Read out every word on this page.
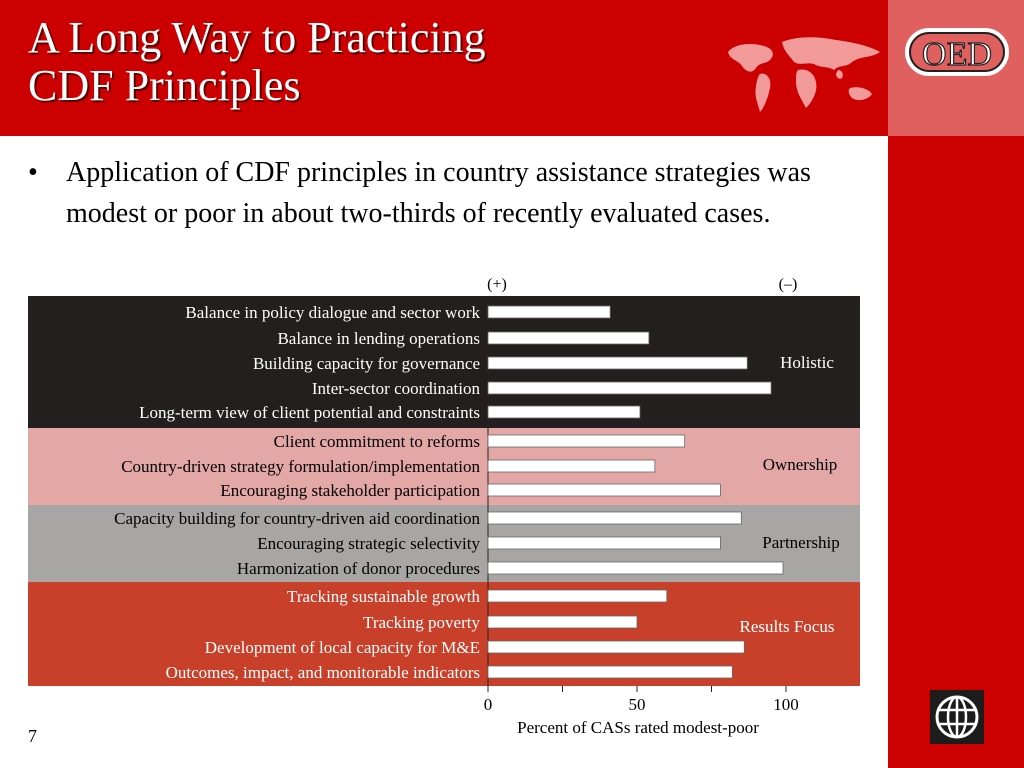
A Long Way to Practicing
CDF Principles
OED
•	Application of CDF principles in country assistance strategies was modest or poor in about two-thirds of recently evaluated cases.
Balance in policy dialogue and sector work
Balance in lending operations
Building capacity for governance
Inter-sector coordination
Long-term view of client potential and constraints
Holistic
Client commitment to reforms
Country-driven strategy formulation/implementation
Encouraging stakeholder participation
Ownership
Capacity building for country-driven aid coordination
Encouraging strategic selectivity
Harmonization of donor procedures
Partnership
Tracking sustainable growth
Tracking poverty
Development of local capacity for M&E
Outcomes, impact, and monitorable indicators
Results Focus
0	50	100
Percent of CASs rated modest-poor
(+)	(–)
7
